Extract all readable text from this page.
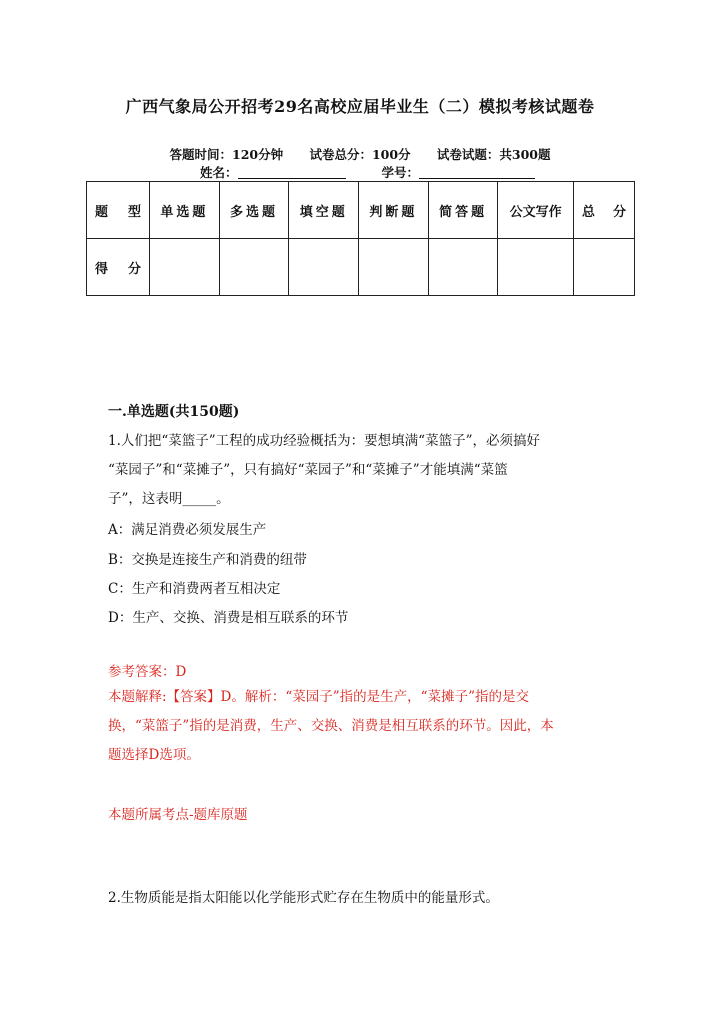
广西气象局公开招考29名高校应届毕业生（二）模拟考核试题卷
答题时间：120分钟 试卷总分：100分 试卷试题：共300题
姓名：	学号：
题 型	单选题	多选题	填空题	判断题	简答题	公文写作	总 分

得 分							

一.单选题(共150题)
1.人们把“菜篮子”工程的成功经验概括为：要想填满“菜篮子”，必须搞好
“菜园子”和“菜摊子”，只有搞好“菜园子”和“菜摊子”才能填满“菜篮
子”，这表明_____。
A：满足消费必须发展生产
B：交换是连接生产和消费的纽带
C：生产和消费两者互相决定
D：生产、交换、消费是相互联系的环节
参考答案：D
本题解释:【答案】D。解析：“菜园子”指的是生产，“菜摊子”指的是交
换，“菜篮子”指的是消费，生产、交换、消费是相互联系的环节。因此，本
题选择D选项。
本题所属考点-题库原题
2.生物质能是指太阳能以化学能形式贮存在生物质中的能量形式。
